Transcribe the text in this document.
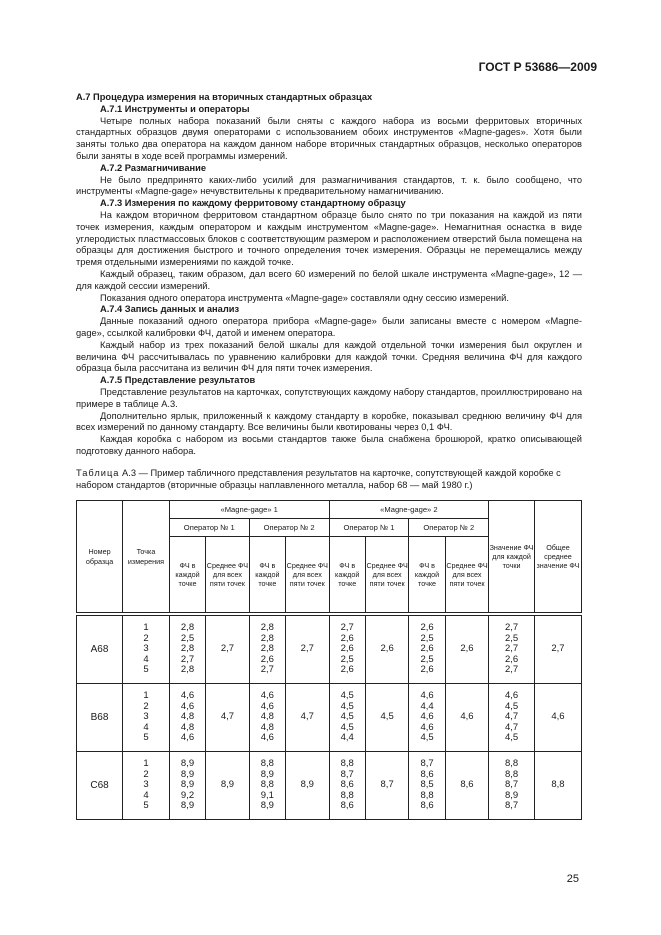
ГОСТ Р 53686—2009

А.7 Процедура измерения на вторичных стандартных образцах

А.7.1 Инструменты и операторы

Четыре полных набора показаний были сняты с каждого набора из восьми ферритовых вторичных стандартных образцов двумя операторами с использованием обоих инструментов «Magne-gages». Хотя были заняты только два оператора на каждом данном наборе вторичных стандартных образцов, несколько операторов были заняты в ходе всей программы измерений.

А.7.2 Размагничивание

Не было предпринято каких-либо усилий для размагничивания стандартов, т. к. было сообщено, что инструменты «Magne-gage» нечувствительны к предварительному намагничиванию.

А.7.3 Измерения по каждому ферритовому стандартному образцу

На каждом вторичном ферритовом стандартном образце было снято по три показания на каждой из пяти точек измерения, каждым оператором и каждым инструментом «Magne-gage». Немагнитная оснастка в виде углеродистых пластмассовых блоков с соответствующим размером и расположением отверстий была помещена на образцы для достижения быстрого и точного определения точек измерения. Образцы не перемещались между тремя отдельными измерениями по каждой точке.

Каждый образец, таким образом, дал всего 60 измерений по белой шкале инструмента «Magne-gage», 12 — для каждой сессии измерений.

Показания одного оператора инструмента «Magne-gage» составляли одну сессию измерений.

А.7.4 Запись данных и анализ

Данные показаний одного оператора прибора «Magne-gage» были записаны вместе с номером «Magne-gage», ссылкой калибровки ФЧ, датой и именем оператора.

Каждый набор из трех показаний белой шкалы для каждой отдельной точки измерения был округлен и величина ФЧ рассчитывалась по уравнению калибровки для каждой точки. Средняя величина ФЧ для каждого образца была рассчитана из величин ФЧ для пяти точек измерения.

А.7.5 Представление результатов

Представление результатов на карточках, сопутствующих каждому набору стандартов, проиллюстрировано на примере в таблице А.3.

Дополнительно ярлык, приложенный к каждому стандарту в коробке, показывал среднюю величину ФЧ для всех измерений по данному стандарту. Все величины были квотированы через 0,1 ФЧ.

Каждая коробка с набором из восьми стандартов также была снабжена брошюрой, кратко описывающей подготовку данного набора.

Таблица А.3 — Пример табличного представления результатов на карточке, сопутствующей каждой коробке с набором стандартов (вторичные образцы наплавленного металла, набор 68 — май 1980 г.)

Номер образца	Точка измерения	«Magne-gage» 1				«Magne-gage» 2				Значение ФЧ для каждой точки	Общее среднее значение ФЧ
		Оператор № 1		Оператор № 2		Оператор № 1		Оператор № 2			
		ФЧ в каждой точке	Среднее ФЧ для всех пяти точек	ФЧ в каждой точке	Среднее ФЧ для всех пяти точек	ФЧ в каждой точке	Среднее ФЧ для всех пяти точек	ФЧ в каждой точке	Среднее ФЧ для всех пяти точек		

А68	1
2
3
4
5	2,8
2,5
2,8
2,7
2,8	2,7	2,8
2,8
2,8
2,6
2,7	2,7	2,7
2,6
2,6
2,5
2,6	2,6	2,6
2,5
2,6
2,5
2,6	2,6	2,7
2,5
2,7
2,6
2,7	2,7
В68	1
2
3
4
5	4,6
4,6
4,8
4,8
4,6	4,7	4,6
4,6
4,8
4,8
4,6	4,7	4,5
4,5
4,5
4,5
4,4	4,5	4,6
4,4
4,6
4,6
4,5	4,6	4,6
4,5
4,7
4,7
4,5	4,6
С68	1
2
3
4
5	8,9
8,9
8,9
9,2
8,9	8,9	8,8
8,9
8,8
9,1
8,9	8,9	8,8
8,7
8,6
8,8
8,6	8,7	8,7
8,6
8,5
8,8
8,6	8,6	8,8
8,8
8,7
8,9
8,7	8,8
25
